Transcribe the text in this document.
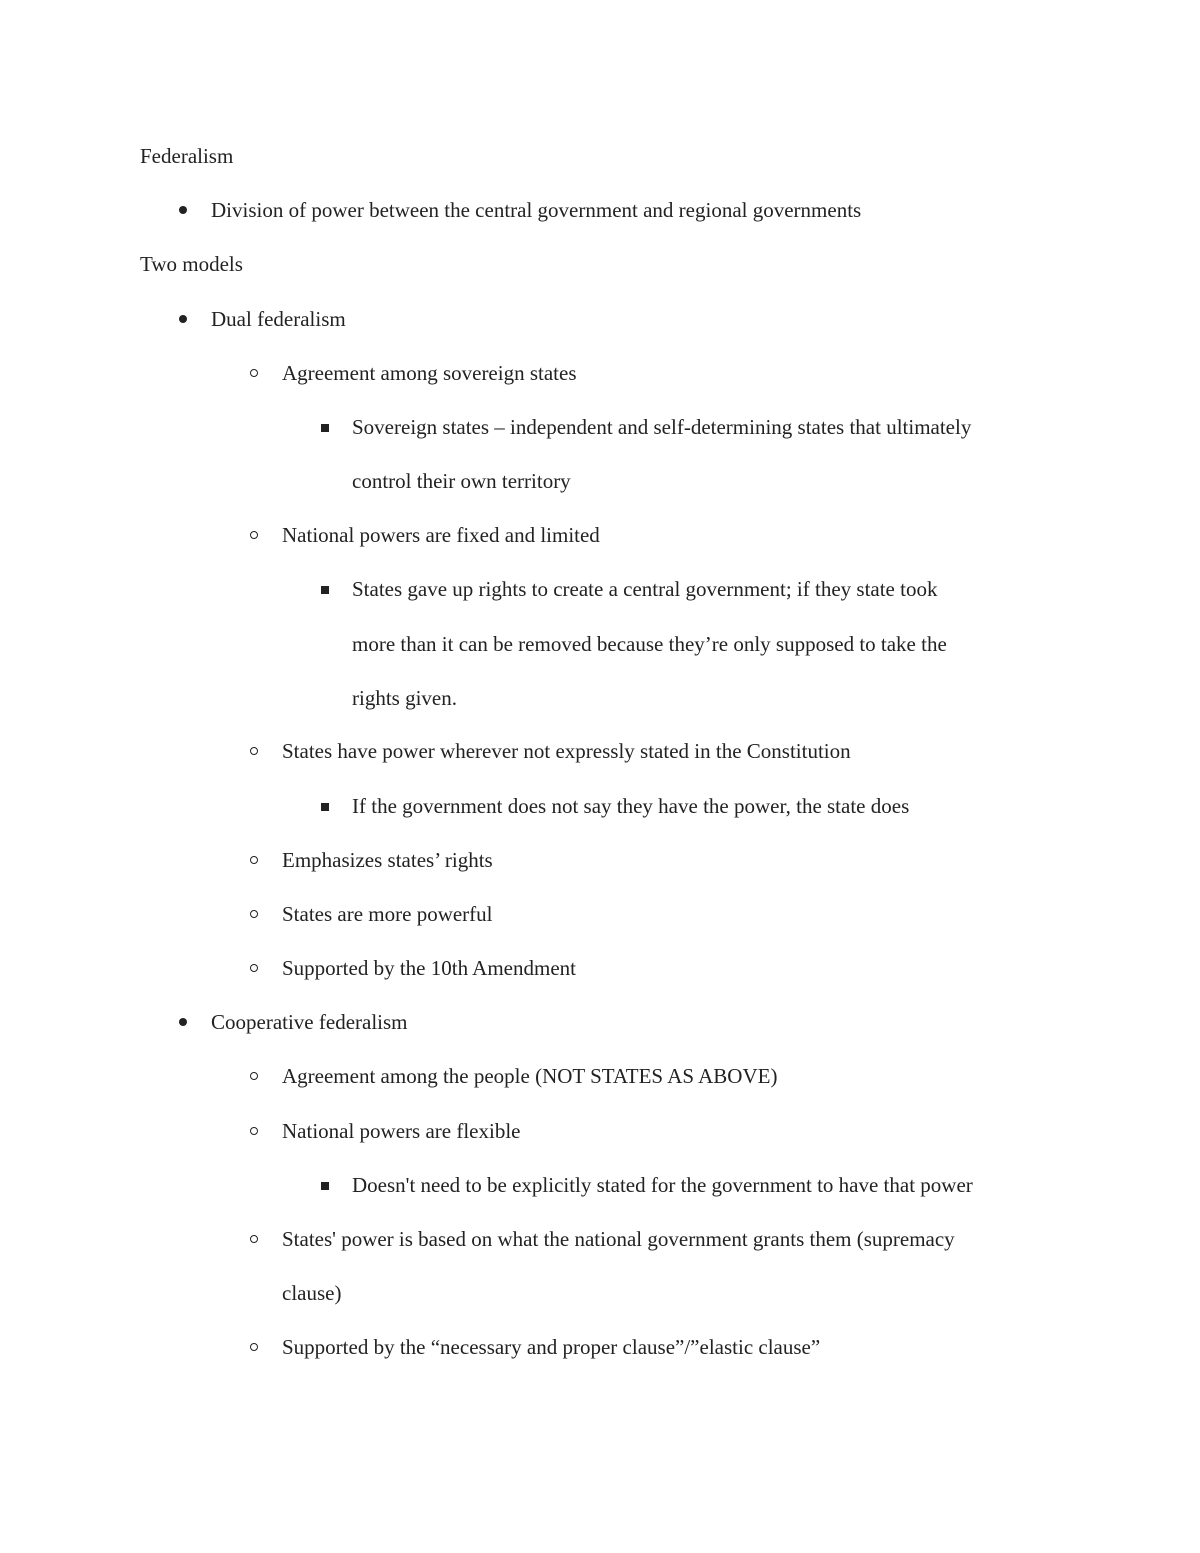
Federalism
Division of power between the central government and regional governments
Two models
Dual federalism
Agreement among sovereign states
Sovereign states – independent and self-determining states that ultimately
control their own territory
National powers are fixed and limited
States gave up rights to create a central government; if they state took
more than it can be removed because they’re only supposed to take the
rights given.
States have power wherever not expressly stated in the Constitution
If the government does not say they have the power, the state does
Emphasizes states’ rights
States are more powerful
Supported by the 10th Amendment
Cooperative federalism
Agreement among the people (NOT STATES AS ABOVE)
National powers are flexible
Doesn't need to be explicitly stated for the government to have that power
States' power is based on what the national government grants them (supremacy
clause)
Supported by the “necessary and proper clause”/”elastic clause”
